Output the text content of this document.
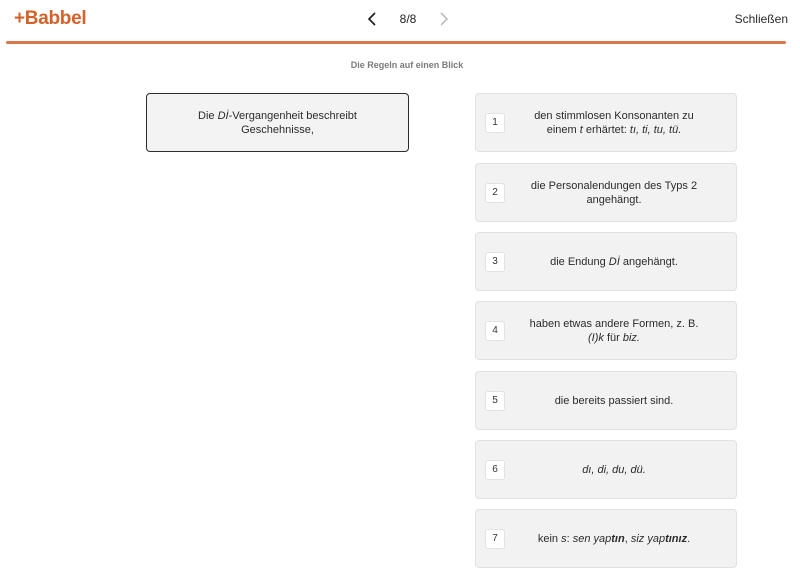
+Babbel	8/8	Schließen
Die Regeln auf einen Blick
Die Dİ-Vergangenheit beschreibt Geschehnisse,
1
den stimmlosen Konsonanten zu
einem t erhärtet: tı, ti, tu, tü.
2
die Personalendungen des Typs 2 angehängt.
3	die Endung Dİ angehängt.
4
haben etwas andere Formen, z. B.
(I)k für biz.
5	die bereits passiert sind.
6	dı, di, du, dü.
7	kein s: sen yaptın, siz yaptınız.
